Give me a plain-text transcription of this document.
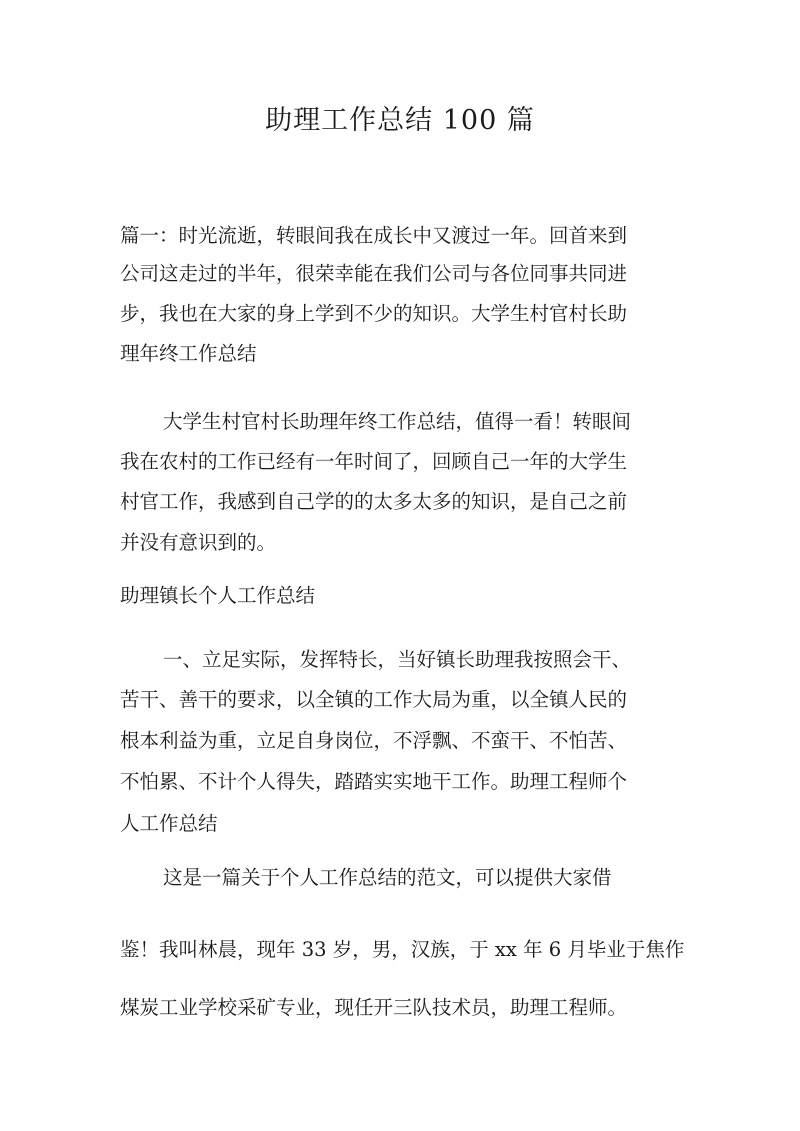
助理工作总结 100 篇
篇一：时光流逝，转眼间我在成长中又渡过一年。回首来到
公司这走过的半年，很荣幸能在我们公司与各位同事共同进
步，我也在大家的身上学到不少的知识。大学生村官村长助
理年终工作总结
大学生村官村长助理年终工作总结，值得一看！转眼间
我在农村的工作已经有一年时间了，回顾自己一年的大学生
村官工作，我感到自己学的的太多太多的知识，是自己之前
并没有意识到的。
助理镇长个人工作总结
一、立足实际，发挥特长，当好镇长助理我按照会干、
苦干、善干的要求，以全镇的工作大局为重，以全镇人民的
根本利益为重，立足自身岗位，不浮飘、不蛮干、不怕苦、
不怕累、不计个人得失，踏踏实实地干工作。助理工程师个
人工作总结
这是一篇关于个人工作总结的范文，可以提供大家借
鉴！我叫林晨，现年 33 岁，男，汉族，于 xx 年 6 月毕业于焦作
煤炭工业学校采矿专业，现任开三队技术员，助理工程师。
